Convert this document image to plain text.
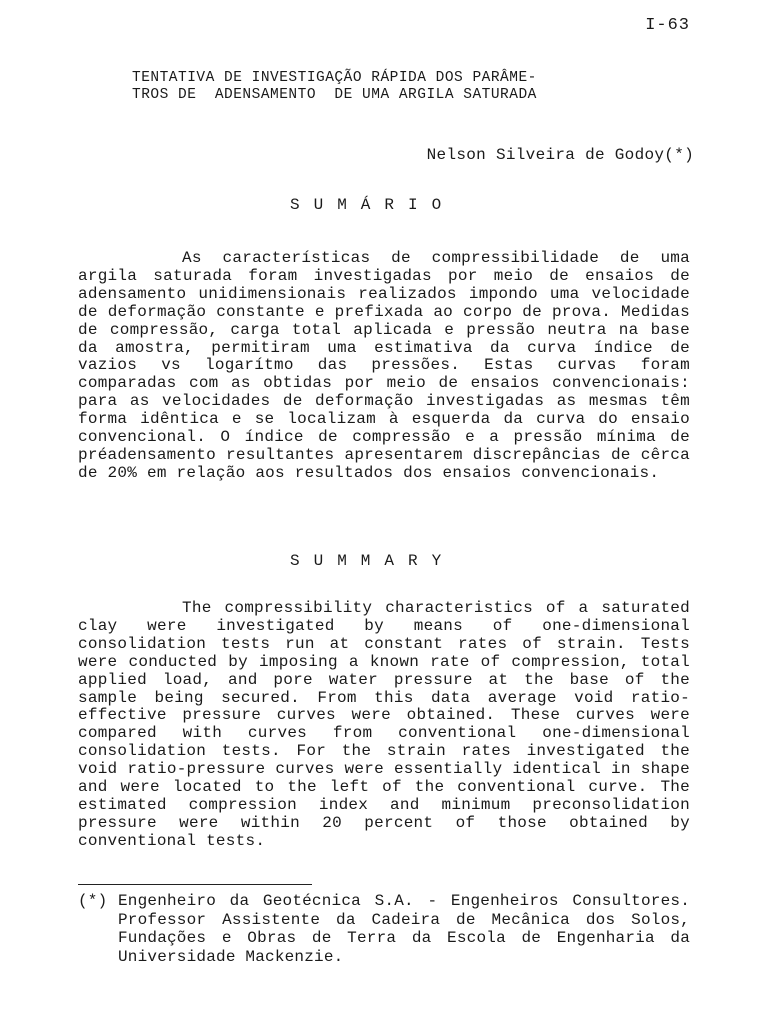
I-63
TENTATIVA DE INVESTIGAÇÃO RÁPIDA DOS PARÂME-
TROS DE  ADENSAMENTO  DE UMA ARGILA SATURADA
Nelson Silveira de Godoy(*)
SUMÁRIO
As características de compressibilidade de uma argila saturada foram investigadas por meio de ensaios de adensamento unidimensionais realizados impondo uma velocidade de deformação constante e prefixada ao corpo de prova. Medidas de compressão, carga total aplicada e pressão neutra na base da amostra, permitiram uma estimativa da curva índice de vazios vs logarítmo das pressões. Estas curvas foram comparadas com as obtidas por meio de ensaios convencionais: para as velocidades de deformação investigadas as mesmas têm forma idêntica e se localizam à esquerda da curva do ensaio convencional. O índice de compressão e a pressão mínima de préadensamento resultantes apresentarem discrepâncias de cêrca de 20% em relação aos resultados dos ensaios convencionais.
SUMMARY
The compressibility characteristics of a saturated clay were investigated by means of one-dimensional consolidation tests run at constant rates of strain. Tests were conducted by imposing a known rate of compression, total applied load, and pore water pressure at the base of the sample being secured. From this data average void ratio-effective pressure curves were obtained. These curves were compared with curves from conventional one-dimensional consolidation tests. For the strain rates investigated the void ratio-pressure curves were essentially identical in shape and were located to the left of the conventional curve. The estimated compression index and minimum preconsolidation pressure were within 20 percent of those obtained by conventional tests.
(*) Engenheiro da Geotécnica S.A. - Engenheiros Consultores. Professor Assistente da Cadeira de Mecânica dos Solos, Fundações e Obras de Terra da Escola de Engenharia da Universidade Mackenzie.
